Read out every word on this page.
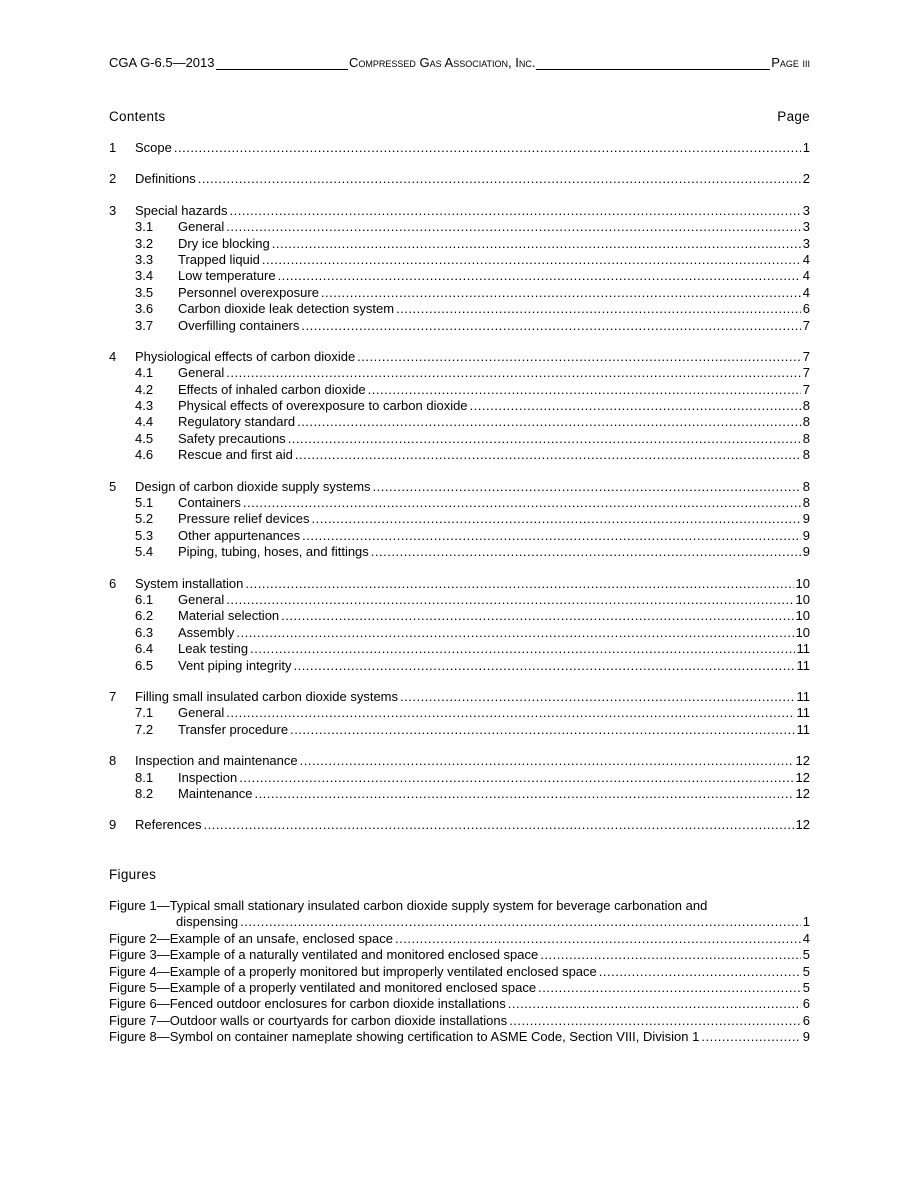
CGA G-6.5—2013	Compressed Gas Association, Inc.	Page iii
Contents	Page
1	Scope .....	1
2	Definitions .....	2
3	Special hazards .....	3
3.1	General .....	3
3.2	Dry ice blocking .....	3
3.3	Trapped liquid .....	4
3.4	Low temperature .....	4
3.5	Personnel overexposure .....	4
3.6	Carbon dioxide leak detection system .....	6
3.7	Overfilling containers .....	7
4	Physiological effects of carbon dioxide .....	7
4.1	General .....	7
4.2	Effects of inhaled carbon dioxide .....	7
4.3	Physical effects of overexposure to carbon dioxide .....	8
4.4	Regulatory standard .....	8
4.5	Safety precautions .....	8
4.6	Rescue and first aid .....	8
5	Design of carbon dioxide supply systems .....	8
5.1	Containers .....	8
5.2	Pressure relief devices .....	9
5.3	Other appurtenances .....	9
5.4	Piping, tubing, hoses, and fittings .....	9
6	System installation .....	10
6.1	General .....	10
6.2	Material selection .....	10
6.3	Assembly .....	10
6.4	Leak testing .....	11
6.5	Vent piping integrity .....	11
7	Filling small insulated carbon dioxide systems .....	11
7.1	General .....	11
7.2	Transfer procedure .....	11
8	Inspection and maintenance .....	12
8.1	Inspection .....	12
8.2	Maintenance .....	12
9	References .....	12
Figures
Figure 1—Typical small stationary insulated carbon dioxide supply system for beverage carbonation and
dispensing .....	1
Figure 2—Example of an unsafe, enclosed space .....	4
Figure 3—Example of a naturally ventilated and monitored enclosed space .....	5
Figure 4—Example of a properly monitored but improperly ventilated enclosed space .....	5
Figure 5—Example of a properly ventilated and monitored enclosed space .....	5
Figure 6—Fenced outdoor enclosures for carbon dioxide installations .....	6
Figure 7—Outdoor walls or courtyards for carbon dioxide installations .....	6
Figure 8—Symbol on container nameplate showing certification to ASME Code, Section VIII, Division 1 .....	9
